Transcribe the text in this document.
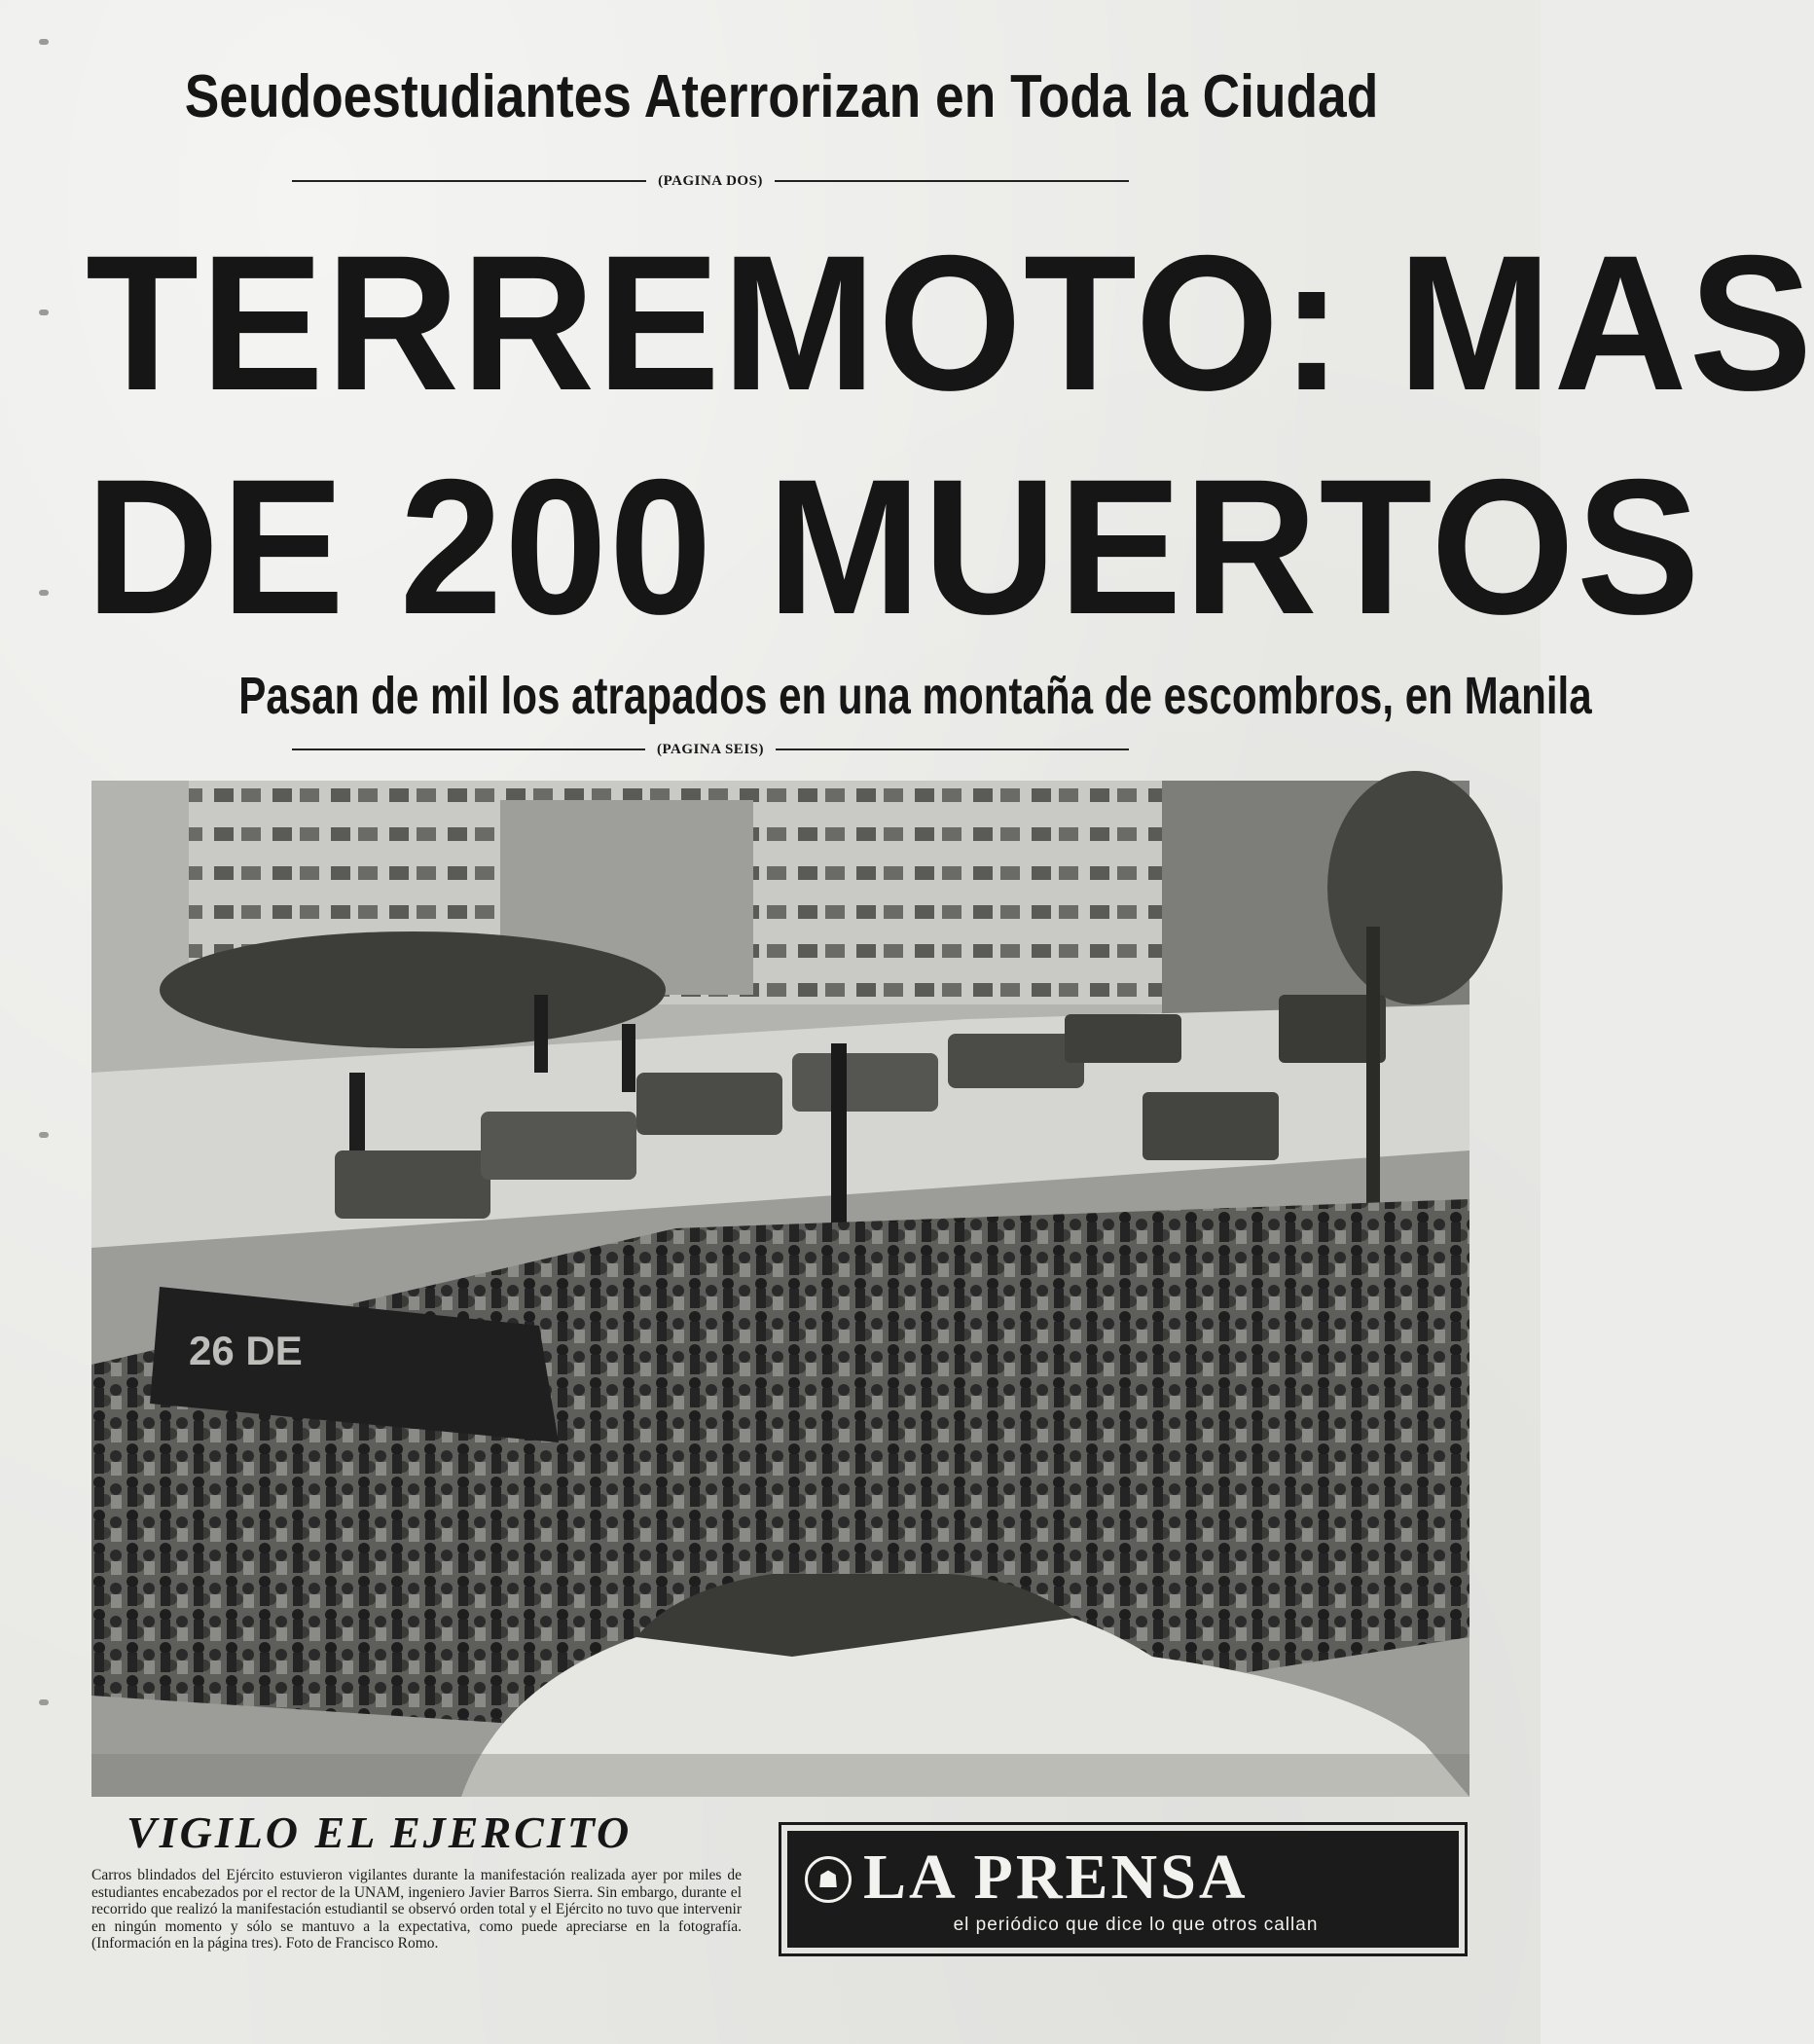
Seudoestudiantes Aterrorizan en Toda la Ciudad
(PAGINA DOS)
TERREMOTO: MAS
DE 200 MUERTOS
Pasan de mil los atrapados en una montaña de escombros, en Manila
(PAGINA SEIS)
26 DE
VIGILO EL EJERCITO
Carros blindados del Ejército estuvieron vigilantes durante la manifestación realizada ayer por miles de estudiantes encabezados por el rector de la UNAM, ingeniero Javier Barros Sierra. Sin embargo, durante el recorrido que realizó la manifestación estudiantil se observó orden total y el Ejército no tuvo que intervenir en ningún momento y sólo se mantuvo a la expectativa, como puede apreciarse en la fotografía. (Información en la página tres). Foto de Francisco Romo.
☗ LA PRENSA
el periódico que dice lo que otros callan
